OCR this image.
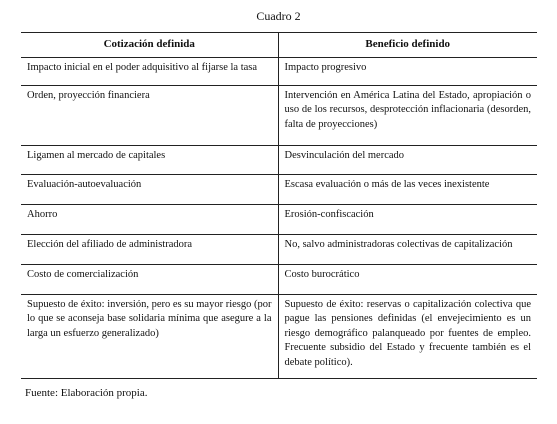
Cuadro 2
Cotización definida	Beneficio definido

Impacto inicial en el poder adquisitivo al fijarse la tasa	Impacto progresivo

Orden, proyección financiera	Intervención en América Latina del Estado, apropiación o uso de los recursos, desprotección inflacionaria (desorden, falta de proyecciones)

Ligamen al mercado de capitales	Desvinculación del mercado

Evaluación-autoevaluación	Escasa evaluación o más de las veces inexistente

Ahorro	Erosión-confiscación

Elección del afiliado de administradora	No, salvo administradoras colectivas de capitalización

Costo de comercialización	Costo burocrático

Supuesto de éxito: inversión, pero es su mayor riesgo (por lo que se aconseja base solidaria mínima que asegure a la larga un esfuerzo generalizado)	Supuesto de éxito: reservas o capitalización colectiva que pague las pensiones definidas (el envejecimiento es un riesgo demográfico palanqueado por fuentes de empleo. Frecuente subsidio del Estado y frecuente también es el debate político).
Fuente: Elaboración propia.
